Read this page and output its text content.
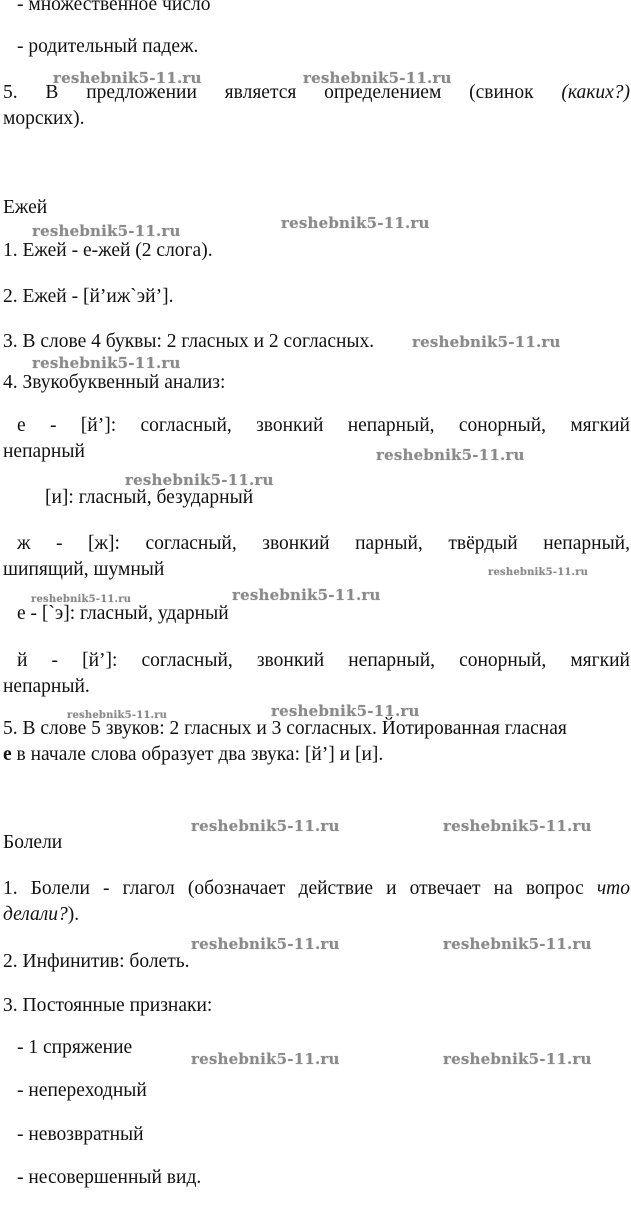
- множественное число
- родительный падеж.
5. В предложении является определением (свинок (каких?)
морских).
Ежей
1. Ежей - е-жей (2 слога).
2. Ежей - [й’иж`эй’].
3. В слове 4 буквы: 2 гласных и 2 согласных.
4. Звукобуквенный анализ:
е - [й’]: согласный, звонкий непарный, сонорный, мягкий
непарный
[и]: гласный, безударный
ж - [ж]: согласный, звонкий парный, твёрдый непарный,
шипящий, шумный
е - [`э]: гласный, ударный
й - [й’]: согласный, звонкий непарный, сонорный, мягкий
непарный.
5. В слове 5 звуков: 2 гласных и 3 согласных. Йотированная гласная
е в начале слова образует два звука: [й’] и [и].
Болели
1. Болели - глагол (обозначает действие и отвечает на вопрос что
делали?).
2. Инфинитив: болеть.
3. Постоянные признаки:
- 1 спряжение
- непереходный
- невозвратный
- несовершенный вид.
reshebnik5-11.ru	reshebnik5-11.ru
reshebnik5-11.ru	reshebnik5-11.ru
reshebnik5-11.ru
reshebnik5-11.ru
reshebnik5-11.ru
reshebnik5-11.ru
reshebnik5-11.ru
reshebnik5-11.ru	reshebnik5-11.ru
reshebnik5-11.ru	reshebnik5-11.ru
reshebnik5-11.ru	reshebnik5-11.ru
reshebnik5-11.ru	reshebnik5-11.ru
reshebnik5-11.ru	reshebnik5-11.ru
